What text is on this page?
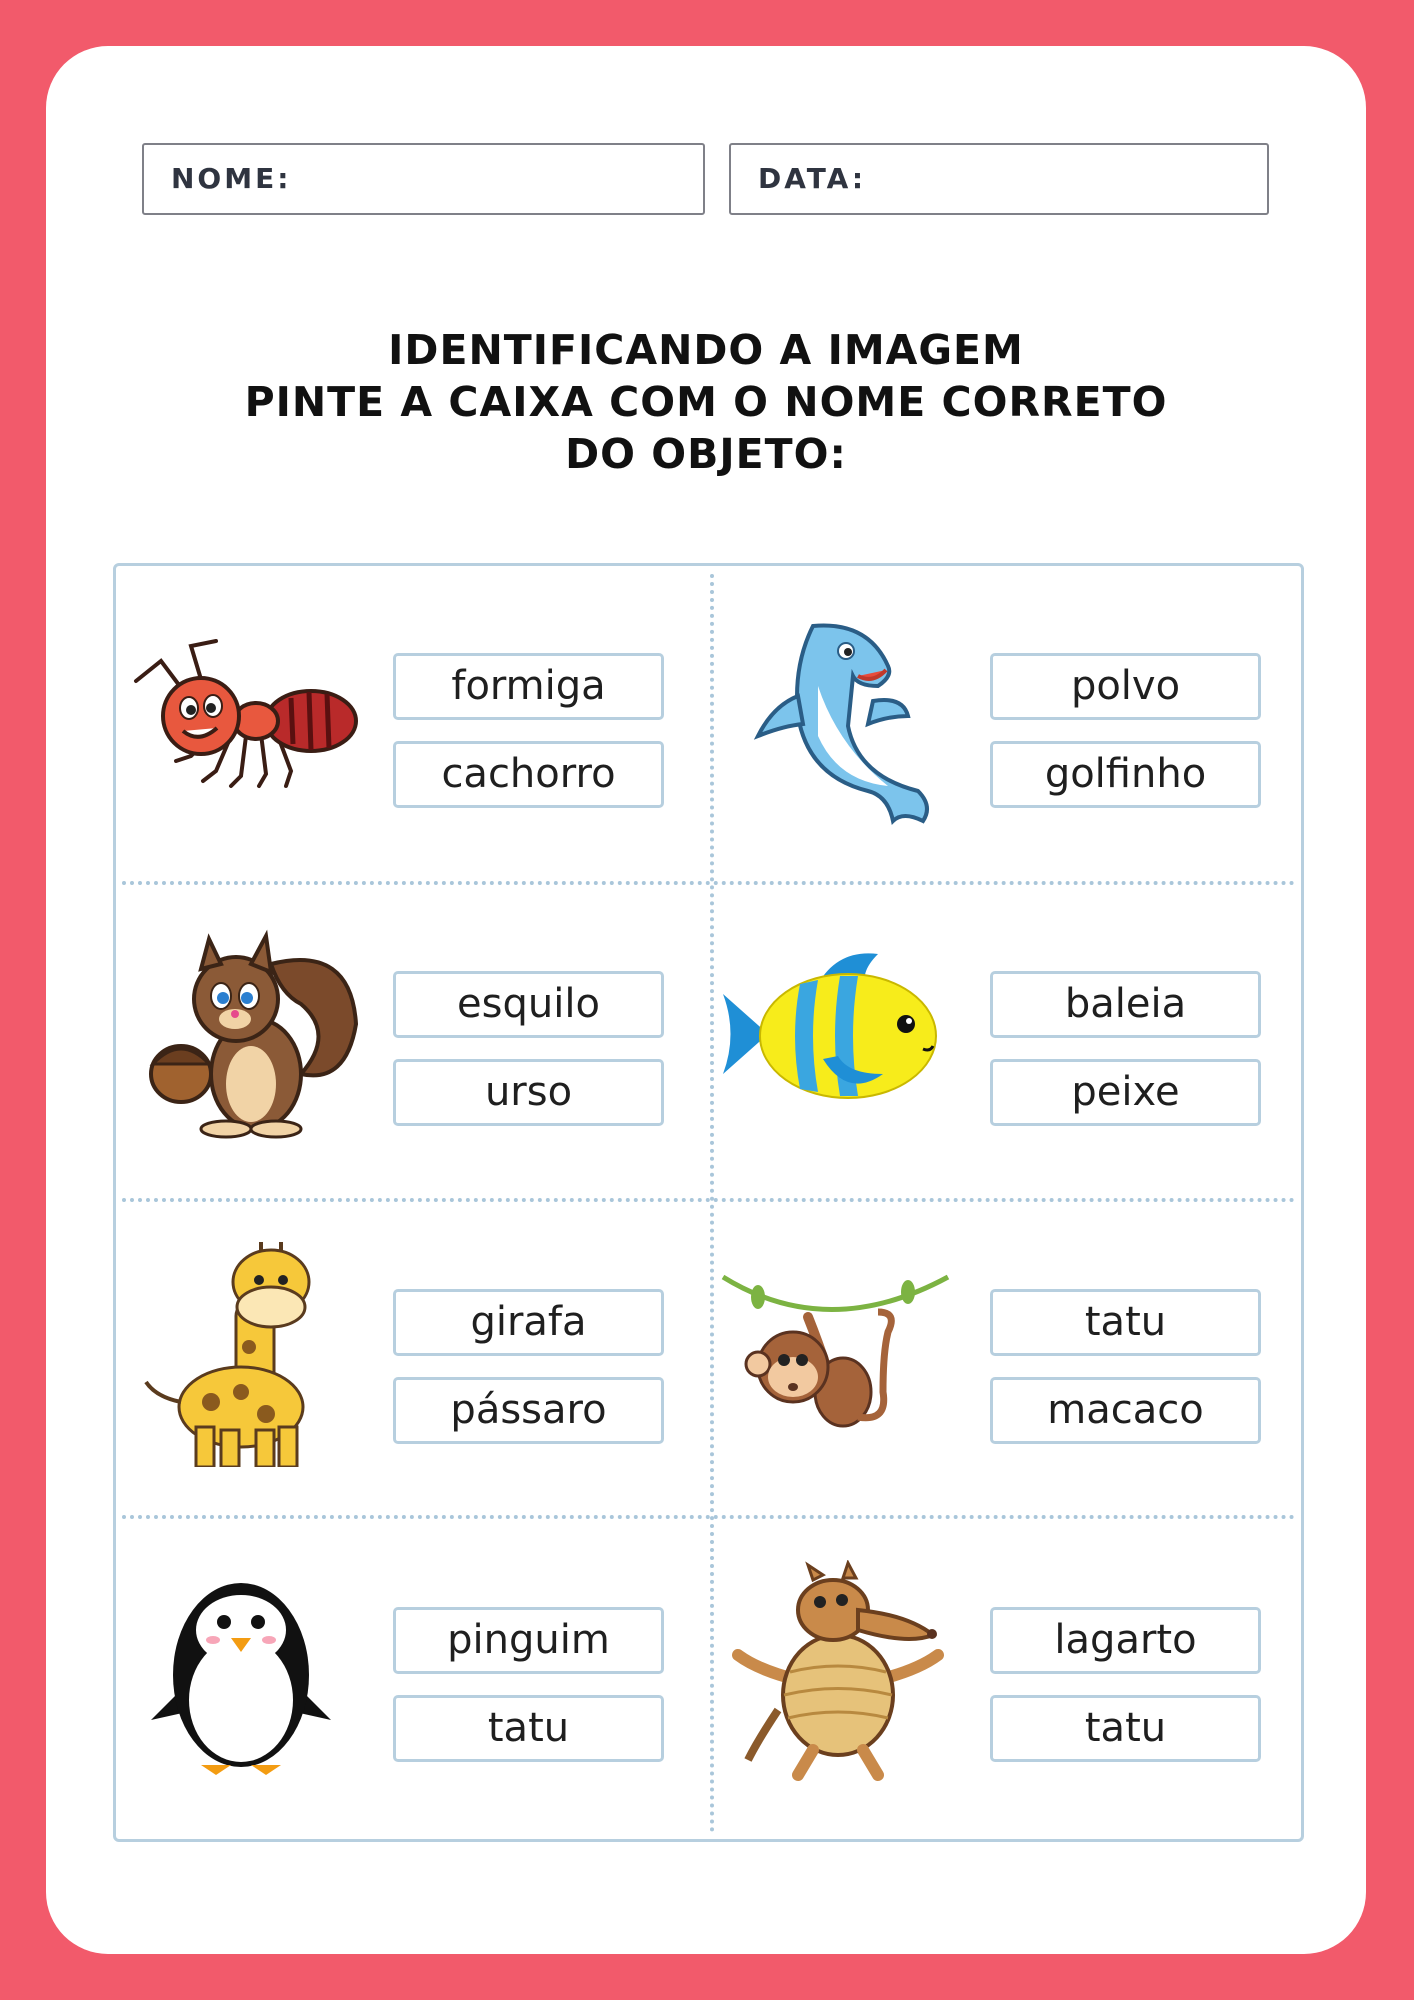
NOME:	DATA:
IDENTIFICANDO A IMAGEM
PINTE A CAIXA COM O NOME CORRETO
DO OBJETO:
formiga
cachorro
polvo
golfinho
esquilo
urso
baleia
peixe
girafa
pássaro
tatu
macaco
pinguim
tatu
lagarto
tatu
